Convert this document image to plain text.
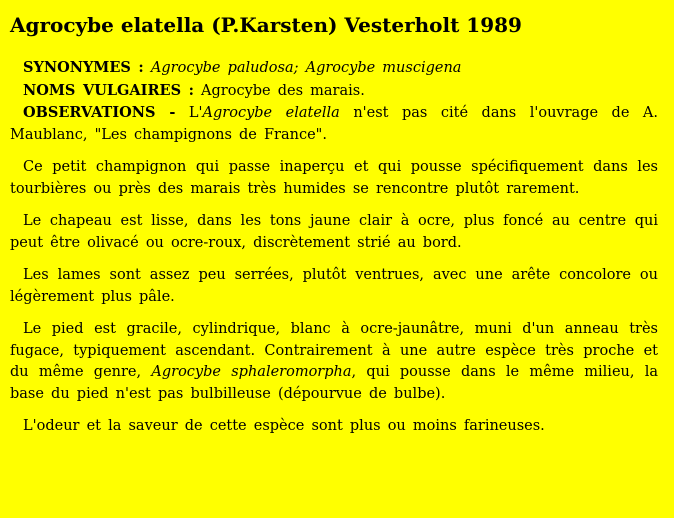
Agrocybe elatella (P.Karsten) Vesterholt 1989

SYNONYMES : Agrocybe paludosa; Agrocybe muscigena

NOMS VULGAIRES : Agrocybe des marais.

OBSERVATIONS - L'Agrocybe elatella n'est pas cité dans l'ouvrage de A. Maublanc, "Les champignons de France".

Ce petit champignon qui passe inaperçu et qui pousse spécifiquement dans les tourbières ou près des marais très humides se rencontre plutôt rarement.

Le chapeau est lisse, dans les tons jaune clair à ocre, plus foncé au centre qui peut être olivacé ou ocre-roux, discrètement strié au bord.

Les lames sont assez peu serrées, plutôt ventrues, avec une arête concolore ou légèrement plus pâle.

Le pied est gracile, cylindrique, blanc à ocre-jaunâtre, muni d'un anneau très fugace, typiquement ascendant. Contrairement à une autre espèce très proche et du même genre, Agrocybe sphaleromorpha, qui pousse dans le même milieu, la base du pied n'est pas bulbilleuse (dépourvue de bulbe).

L'odeur et la saveur de cette espèce sont plus ou moins farineuses.
